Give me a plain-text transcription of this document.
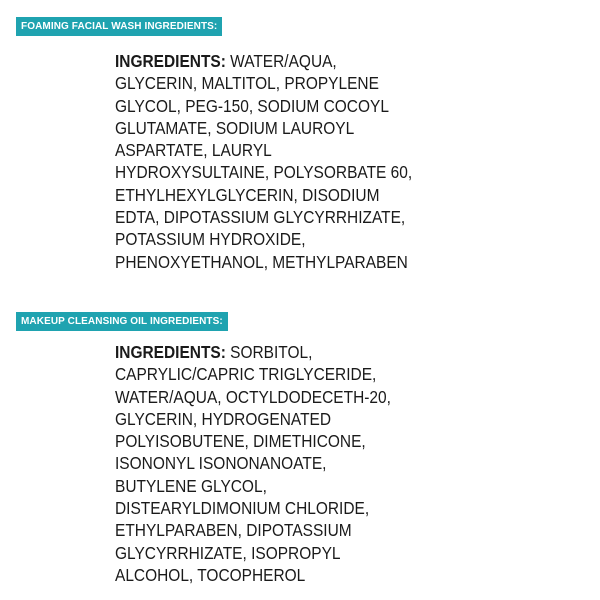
FOAMING FACIAL WASH INGREDIENTS:
INGREDIENTS: WATER/AQUA,
GLYCERIN, MALTITOL, PROPYLENE
GLYCOL, PEG-150, SODIUM COCOYL
GLUTAMATE, SODIUM LAUROYL
ASPARTATE, LAURYL
HYDROXYSULTAINE, POLYSORBATE 60,
ETHYLHEXYLGLYCERIN, DISODIUM
EDTA, DIPOTASSIUM GLYCYRRHIZATE,
POTASSIUM HYDROXIDE,
PHENOXYETHANOL, METHYLPARABEN
MAKEUP CLEANSING OIL INGREDIENTS:
INGREDIENTS: SORBITOL,
CAPRYLIC/CAPRIC TRIGLYCERIDE,
WATER/AQUA, OCTYLDODECETH-20,
GLYCERIN, HYDROGENATED
POLYISOBUTENE, DIMETHICONE,
ISONONYL ISONONANOATE,
BUTYLENE GLYCOL,
DISTEARYLDIMONIUM CHLORIDE,
ETHYLPARABEN, DIPOTASSIUM
GLYCYRRHIZATE, ISOPROPYL
ALCOHOL, TOCOPHEROL
